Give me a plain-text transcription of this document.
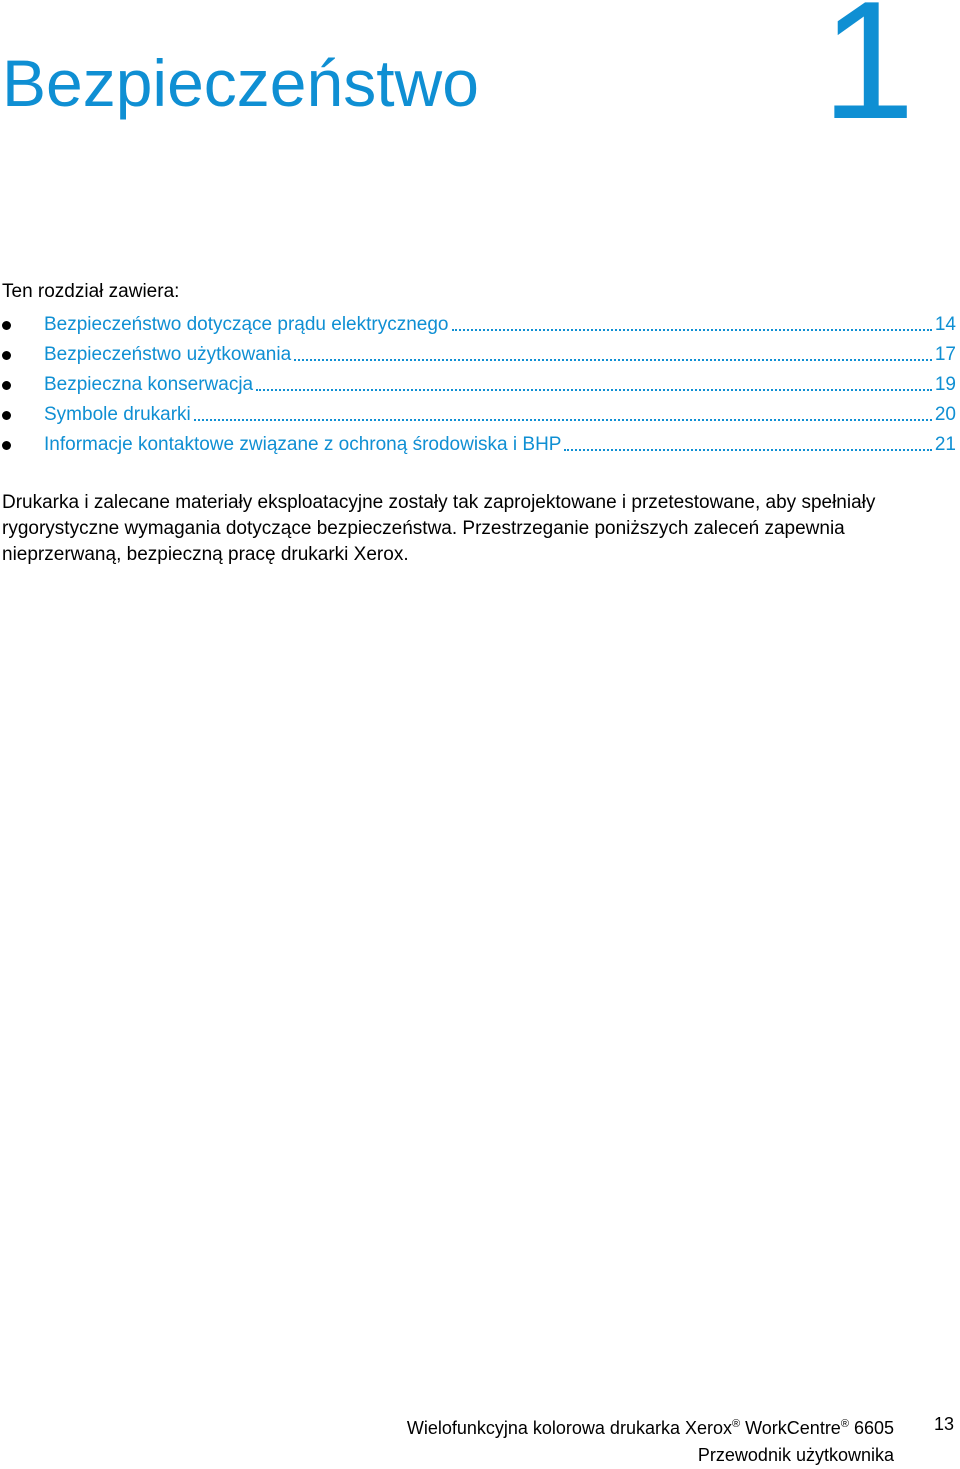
1
Bezpieczeństwo
Ten rozdział zawiera:
Bezpieczeństwo dotyczące prądu elektrycznego	14
Bezpieczeństwo użytkowania	17
Bezpieczna konserwacja	19
Symbole drukarki	20
Informacje kontaktowe związane z ochroną środowiska i BHP	21

Drukarka i zalecane materiały eksploatacyjne zostały tak zaprojektowane i przetestowane, aby spełniały rygorystyczne wymagania dotyczące bezpieczeństwa. Przestrzeganie poniższych zaleceń zapewnia nieprzerwaną, bezpieczną pracę drukarki Xerox.

Wielofunkcyjna kolorowa drukarka Xerox® WorkCentre® 6605
Przewodnik użytkownika
13
